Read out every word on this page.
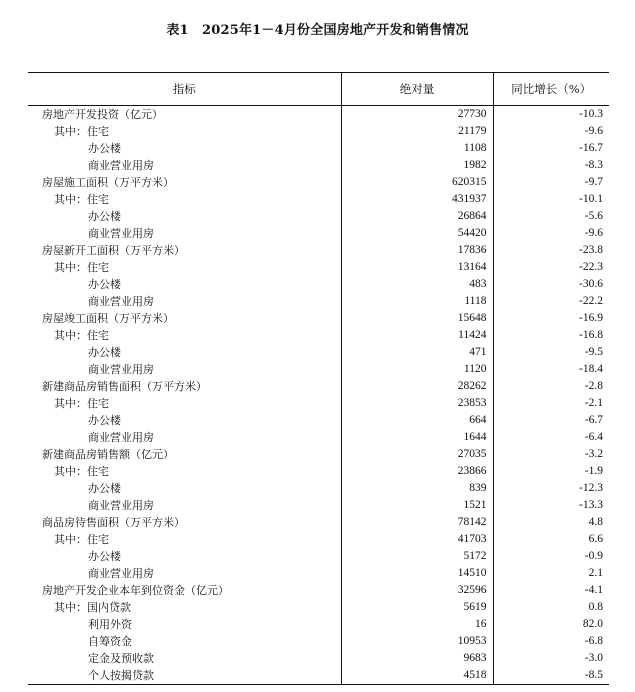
表1　2025年1－4月份全国房地产开发和销售情况
指标	绝对量	同比增长（%）
房地产开发投资（亿元）	27730	-10.3
其中：住宅	21179	-9.6
办公楼	1108	-16.7
商业营业用房	1982	-8.3
房屋施工面积（万平方米）	620315	-9.7
其中：住宅	431937	-10.1
办公楼	26864	-5.6
商业营业用房	54420	-9.6
房屋新开工面积（万平方米）	17836	-23.8
其中：住宅	13164	-22.3
办公楼	483	-30.6
商业营业用房	1118	-22.2
房屋竣工面积（万平方米）	15648	-16.9
其中：住宅	11424	-16.8
办公楼	471	-9.5
商业营业用房	1120	-18.4
新建商品房销售面积（万平方米）	28262	-2.8
其中：住宅	23853	-2.1
办公楼	664	-6.7
商业营业用房	1644	-6.4
新建商品房销售额（亿元）	27035	-3.2
其中：住宅	23866	-1.9
办公楼	839	-12.3
商业营业用房	1521	-13.3
商品房待售面积（万平方米）	78142	4.8
其中：住宅	41703	6.6
办公楼	5172	-0.9
商业营业用房	14510	2.1
房地产开发企业本年到位资金（亿元）	32596	-4.1
其中：国内贷款	5619	0.8
利用外资	16	82.0
自筹资金	10953	-6.8
定金及预收款	9683	-3.0
个人按揭贷款	4518	-8.5
